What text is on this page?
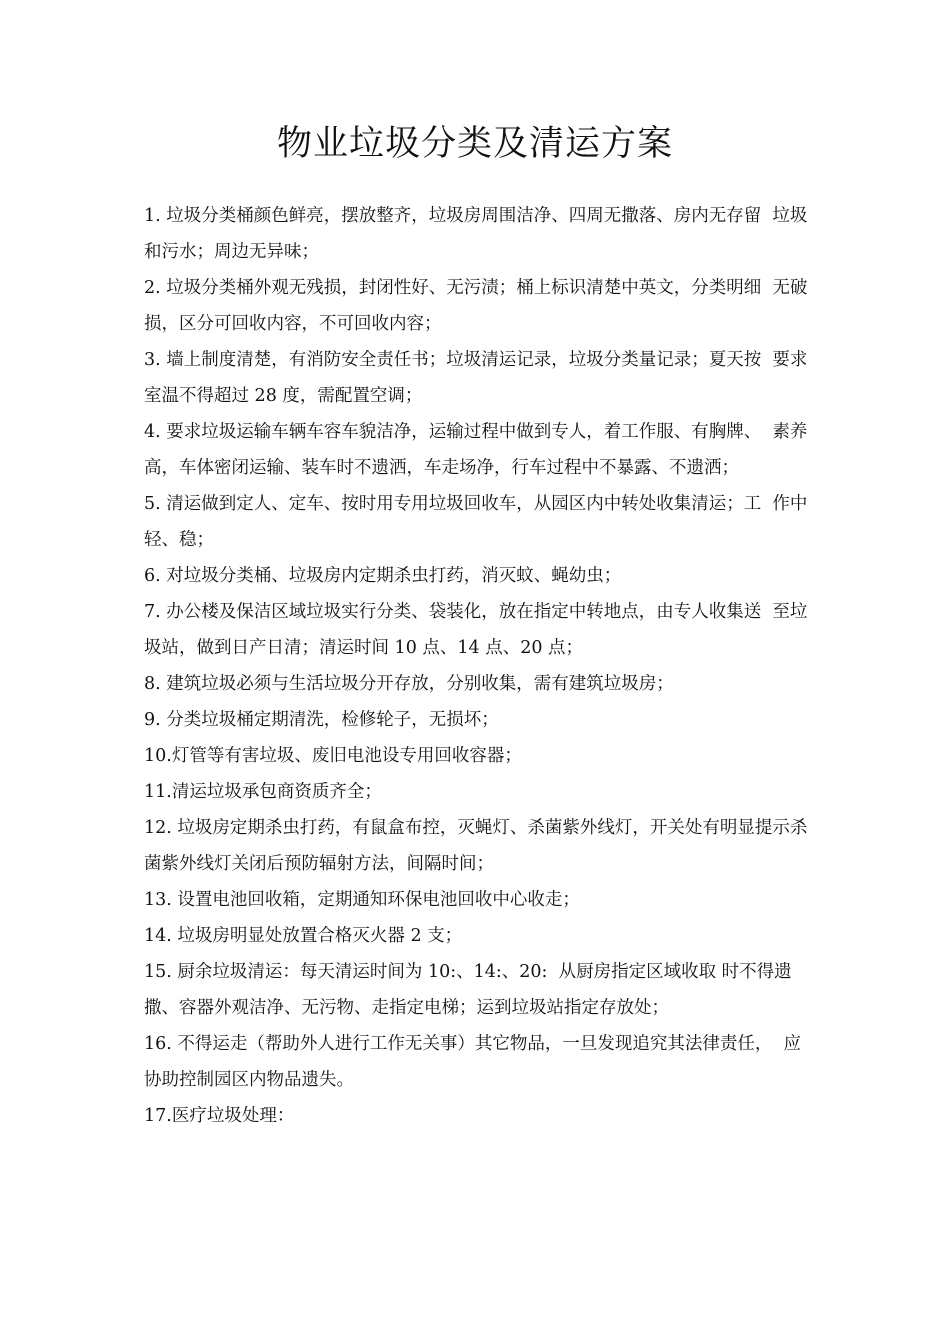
物业垃圾分类及清运方案

1. 垃圾分类桶颜色鲜亮，摆放整齐，垃圾房周围洁净、四周无撒落、房内无存留  垃圾和污水；周边无异味；

2. 垃圾分类桶外观无残损，封闭性好、无污渍；桶上标识清楚中英文，分类明细  无破损，区分可回收内容，不可回收内容；

3. 墙上制度清楚，有消防安全责任书；垃圾清运记录，垃圾分类量记录；夏天按  要求室温不得超过 28 度，需配置空调；

4. 要求垃圾运输车辆车容车貌洁净，运输过程中做到专人，着工作服、有胸牌、  素养高，车体密闭运输、装车时不遗洒，车走场净，行车过程中不暴露、不遗洒；

5. 清运做到定人、定车、按时用专用垃圾回收车，从园区内中转处收集清运；工  作中轻、稳；

6. 对垃圾分类桶、垃圾房内定期杀虫打药，消灭蚊、蝇幼虫；

7. 办公楼及保洁区域垃圾实行分类、袋装化，放在指定中转地点，由专人收集送  至垃圾站，做到日产日清；清运时间 10 点、14 点、20 点；

8. 建筑垃圾必须与生活垃圾分开存放，分别收集，需有建筑垃圾房；

9. 分类垃圾桶定期清洗，检修轮子，无损坏；

10.灯管等有害垃圾、废旧电池设专用回收容器；

11.清运垃圾承包商资质齐全；

12. 垃圾房定期杀虫打药，有鼠盒布控，灭蝇灯、杀菌紫外线灯，开关处有明显提示杀菌紫外线灯关闭后预防辐射方法，间隔时间；

13. 设置电池回收箱，定期通知环保电池回收中心收走；

14. 垃圾房明显处放置合格灭火器 2 支；

15. 厨余垃圾清运：每天清运时间为 10:、14:、20:  从厨房指定区域收取 时不得遗撒、容器外观洁净、无污物、走指定电梯；运到垃圾站指定存放处；

16. 不得运走（帮助外人进行工作无关事）其它物品，一旦发现追究其法律责任，  应协助控制园区内物品遗失。

17.医疗垃圾处理：
